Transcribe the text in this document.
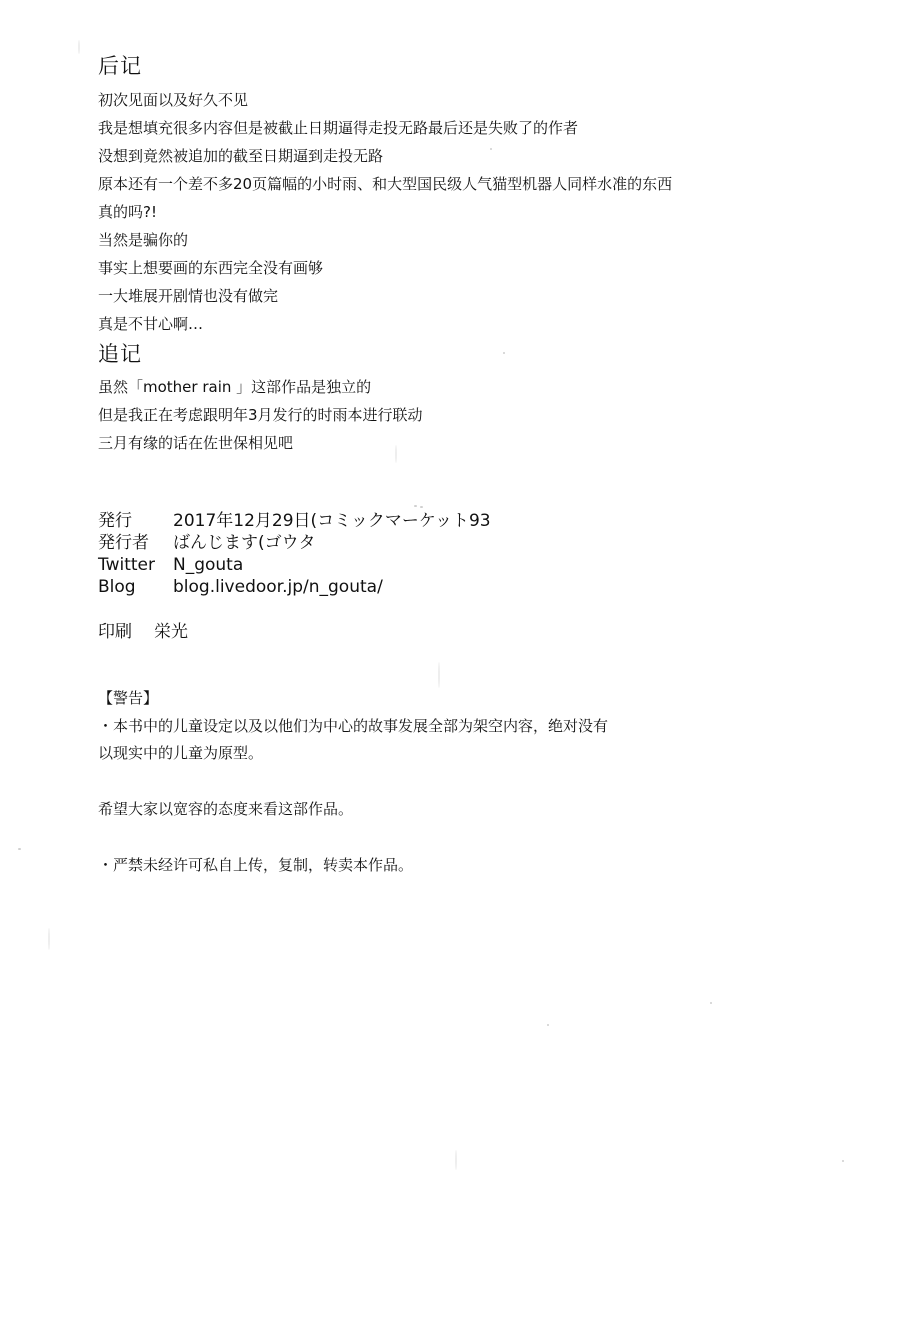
后记
初次见面以及好久不见
我是想填充很多内容但是被截止日期逼得走投无路最后还是失败了的作者
没想到竟然被追加的截至日期逼到走投无路
原本还有一个差不多20页篇幅的小时雨、和大型国民级人气猫型机器人同样水准的东西
真的吗?!
当然是骗你的
事实上想要画的东西完全没有画够
一大堆展开剧情也没有做完
真是不甘心啊…
追记
虽然「mother rain 」这部作品是独立的
但是我正在考虑跟明年3月发行的时雨本进行联动
三月有缘的话在佐世保相见吧
発行 2017年12月29日(コミックマーケット93
発行者 ばんじます(ゴウタ
Twitter N_gouta
Blog blog.livedoor.jp/n_gouta/
印刷 栄光
【警告】
・本书中的儿童设定以及以他们为中心的故事发展全部为架空内容，绝对没有
以现实中的儿童为原型。
希望大家以宽容的态度来看这部作品。
・严禁未经许可私自上传，复制，转卖本作品。
